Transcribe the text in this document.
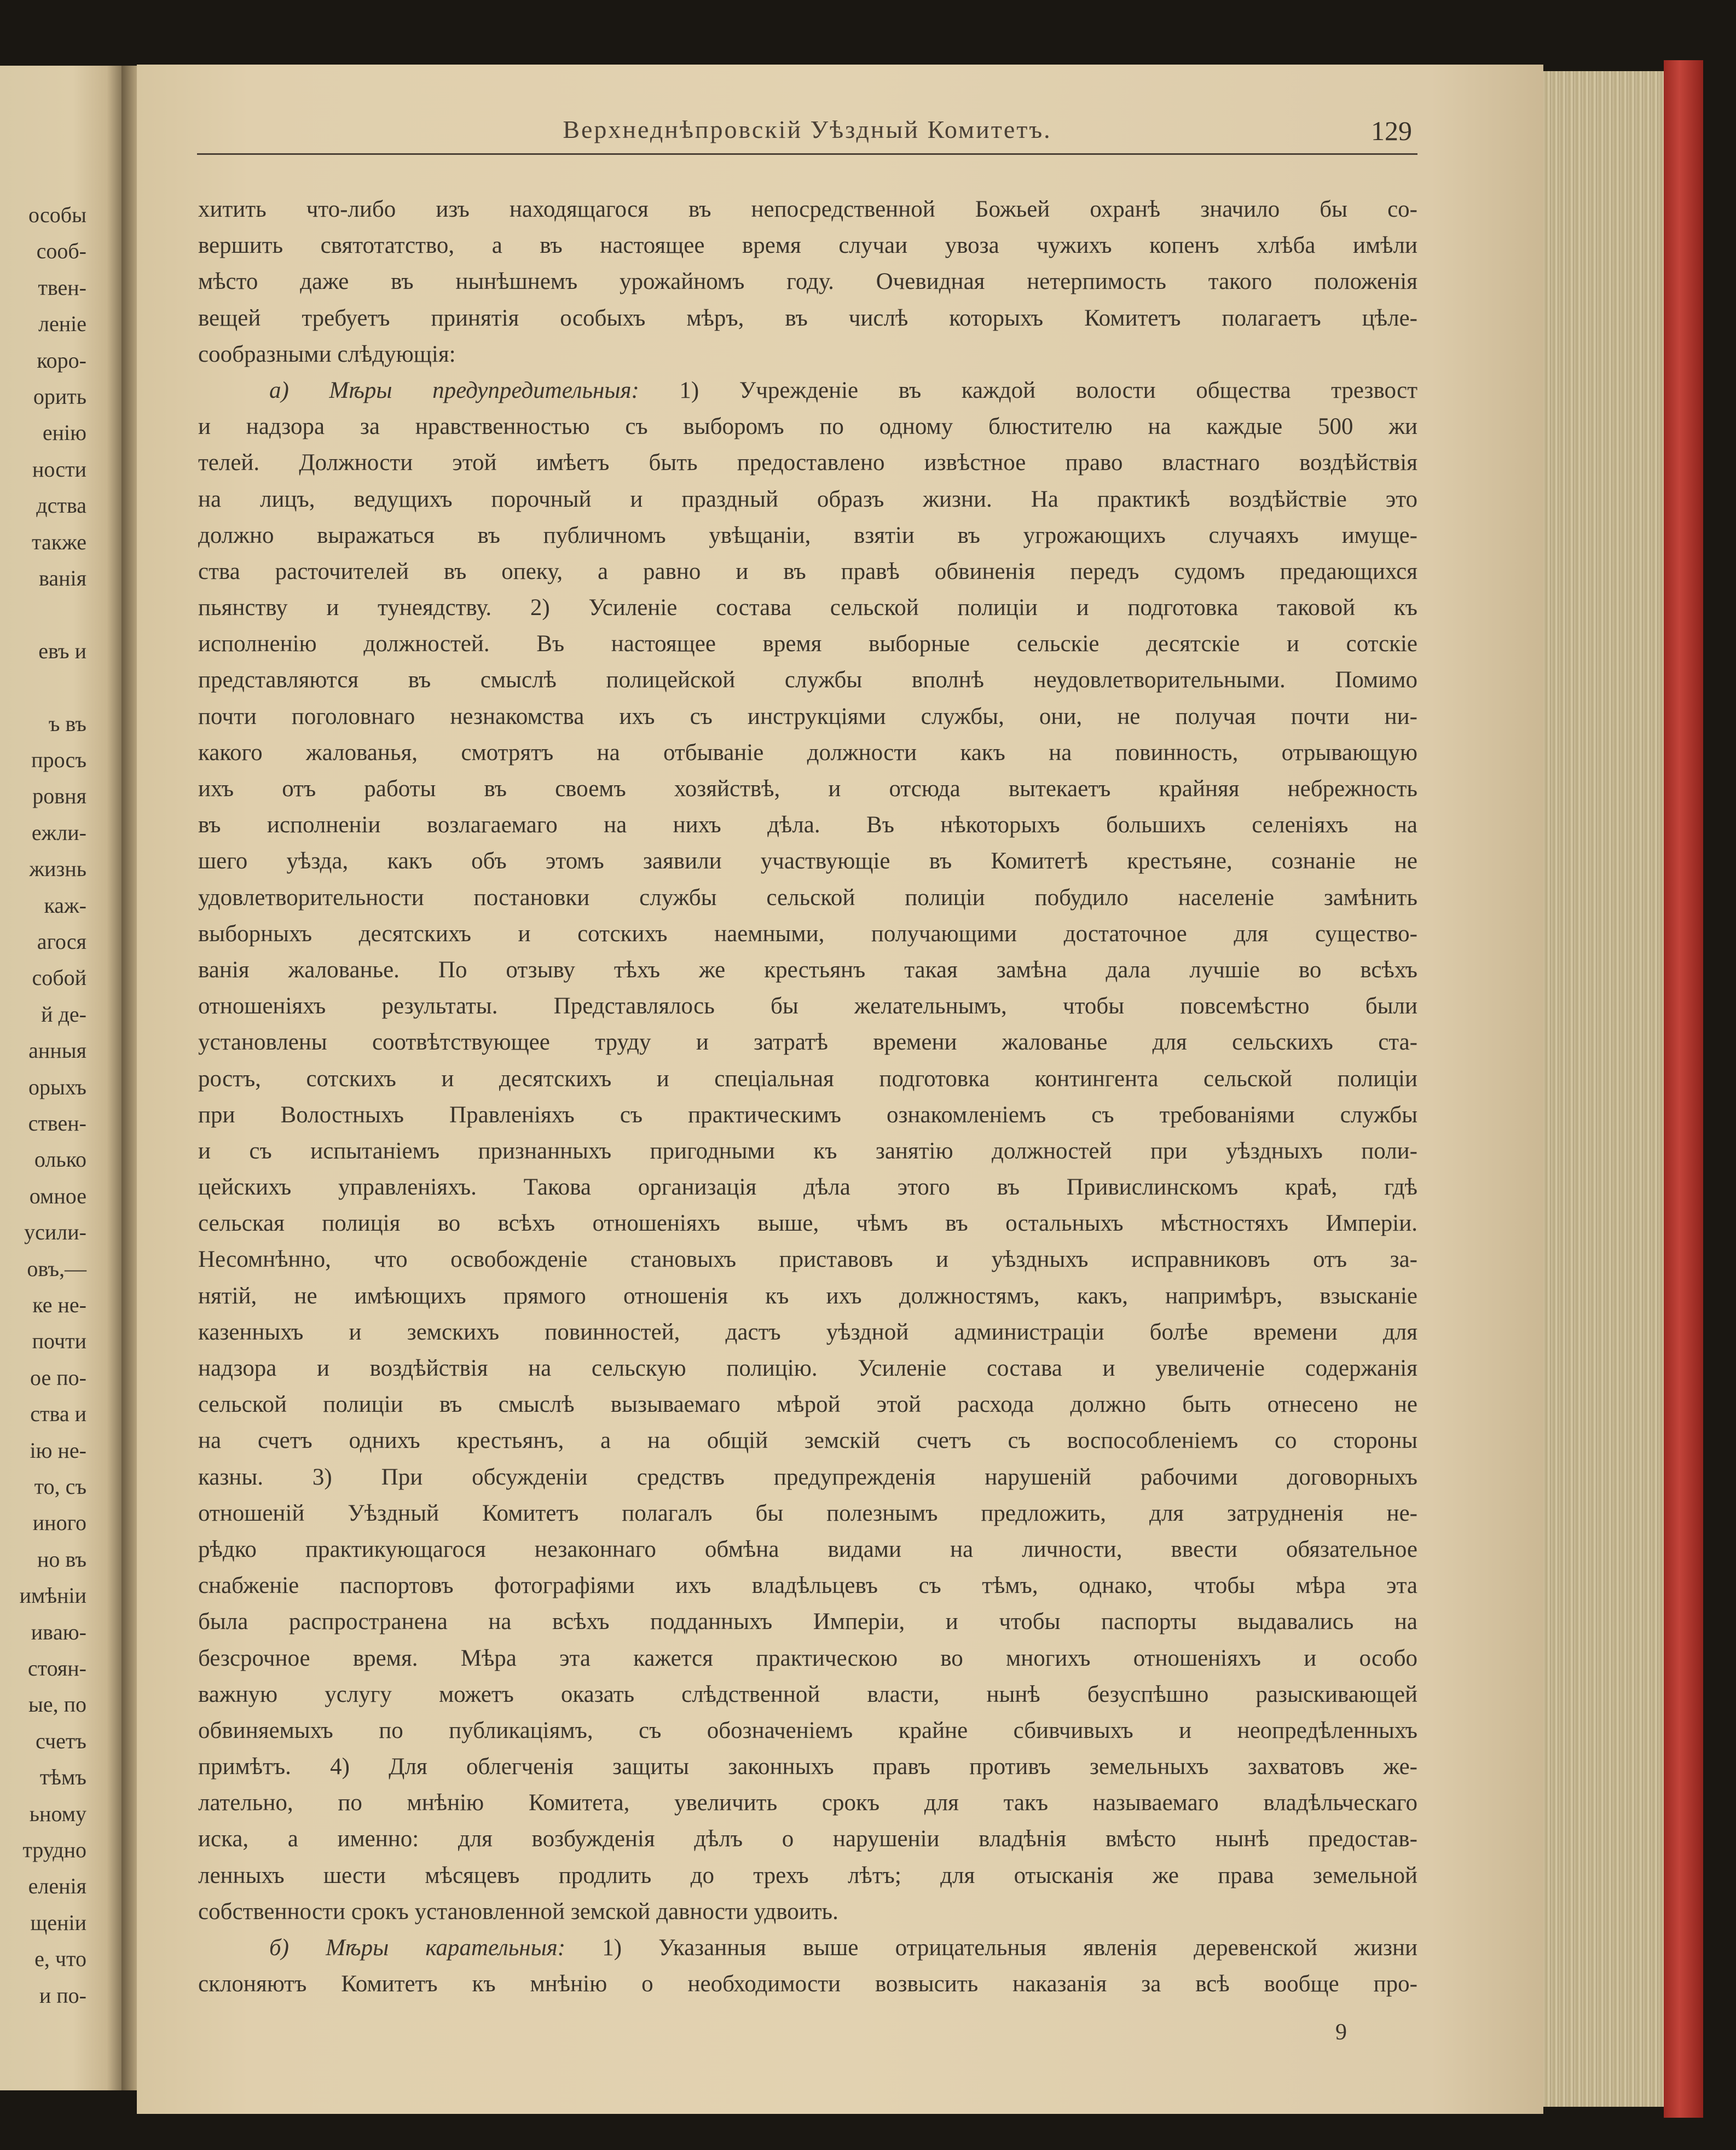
особы
сооб-
твен-
леніе
коро-
орить
енію
ности
дства
также
ванія
евъ и
ъ въ
просъ
ровня
ежли-
жизнь
каж-
агося
собой
й де-
анныя
орыхъ
ствен-
олько
омное
усили-
овъ,—
ке не-
почти
ое по-
ства и
ію не-
то, съ
иного
но въ
имѣніи
ивaю-
стоян-
ые, по
счетъ
тѣмъ
ьному
трудно
еленія
щеніи
е, что
и по-
Верхнеднѣпровскій Уѣздный Комитетъ.	129
хитить что-либо изъ находящагося въ непосредственной Божьей охранѣ значило бы со-
вершить святотатство, а въ настоящее время случаи увоза чужихъ копенъ хлѣба имѣли
мѣсто даже въ нынѣшнемъ урожайномъ году. Очевидная нетерпимость такого положенія
вещей требуетъ принятія особыхъ мѣръ, въ числѣ которыхъ Комитетъ полагаетъ цѣле-
сообразными слѣдующія:
а) Мѣры предупредительныя: 1) Учрежденіе въ каждой волости общества трезвост
и надзора за нравственностью съ выборомъ по одному блюстителю на каждые 500 жи
телей. Должности этой имѣетъ быть предоставлено извѣстное право властнаго воздѣйствія
на лицъ, ведущихъ порочный и праздный образъ жизни. На практикѣ воздѣйствіе это
должно выражаться въ публичномъ увѣщаніи, взятіи въ угрожающихъ случаяхъ имуще-
ства расточителей въ опеку, а равно и въ правѣ обвиненія передъ судомъ предающихся
пьянству и тунеядству. 2) Усиленіе состава сельской полиціи и подготовка таковой къ
исполненію должностей. Въ настоящее время выборные сельскіе десятскіе и сотскіе
представляются въ смыслѣ полицейской службы вполнѣ неудовлетворительными. Помимо
почти поголовнаго незнакомства ихъ съ инструкціями службы, они, не получая почти ни-
какого жалованья, смотрятъ на отбываніе должности какъ на повинность, отрывающую
ихъ отъ работы въ своемъ хозяйствѣ, и отсюда вытекаетъ крайняя небрежность
въ исполненіи возлагаемаго на нихъ дѣла. Въ нѣкоторыхъ большихъ селеніяхъ на
шего уѣзда, какъ объ этомъ заявили участвующіе въ Комитетѣ крестьяне, сознаніе не
удовлетворительности постановки службы сельской полиціи побудило населеніе замѣнить
выборныхъ десятскихъ и сотскихъ наемными, получающими достаточное для существо-
ванія жалованье. По отзыву тѣхъ же крестьянъ такая замѣна дала лучшіе во всѣхъ
отношеніяхъ результаты. Представлялось бы желательнымъ, чтобы повсемѣстно были
установлены соотвѣтствующее труду и затратѣ времени жалованье для сельскихъ ста-
ростъ, сотскихъ и десятскихъ и спеціальная подготовка контингента сельской полиціи
при Волостныхъ Правленіяхъ съ практическимъ ознакомленіемъ съ требованіями службы
и съ испытаніемъ признанныхъ пригодными къ занятію должностей при уѣздныхъ поли-
цейскихъ управленіяхъ. Такова организація дѣла этого въ Привислинскомъ краѣ, гдѣ
сельская полиція во всѣхъ отношеніяхъ выше, чѣмъ въ остальныхъ мѣстностяхъ Имперіи.
Несомнѣнно, что освобожденіе становыхъ приставовъ и уѣздныхъ исправниковъ отъ за-
нятій, не имѣющихъ прямого отношенія къ ихъ должностямъ, какъ, напримѣръ, взысканіе
казенныхъ и земскихъ повинностей, дастъ уѣздной администраціи болѣе времени для
надзора и воздѣйствія на сельскую полицію. Усиленіе состава и увеличеніе содержанія
сельской полиціи въ смыслѣ вызываемаго мѣрой этой расхода должно быть отнесено не
на счетъ однихъ крестьянъ, а на общій земскій счетъ съ воспособленіемъ со стороны
казны. 3) При обсужденіи средствъ предупрежденія нарушеній рабочими договорныхъ
отношеній Уѣздный Комитетъ полагалъ бы полезнымъ предложить, для затрудненія не-
рѣдко практикующагося незаконнаго обмѣна видами на личности, ввести обязательное
снабженіе паспортовъ фотографіями ихъ владѣльцевъ съ тѣмъ, однако, чтобы мѣра эта
была распространена на всѣхъ подданныхъ Имперіи, и чтобы паспорты выдавались на
безсрочное время. Мѣра эта кажется практическою во многихъ отношеніяхъ и особо
важную услугу можетъ оказать слѣдственной власти, нынѣ безуспѣшно разыскивающей
обвиняемыхъ по публикаціямъ, съ обозначеніемъ крайне сбивчивыхъ и неопредѣленныхъ
примѣтъ. 4) Для облегченія защиты законныхъ правъ противъ земельныхъ захватовъ же-
лательно, по мнѣнію Комитета, увеличить срокъ для такъ называемаго владѣльческаго
иска, а именно: для возбужденія дѣлъ о нарушеніи владѣнія вмѣсто нынѣ предостав-
ленныхъ шести мѣсяцевъ продлить до трехъ лѣтъ; для отысканія же права земельной
собственности срокъ установленной земской давности удвоить.
б) Мѣры карательныя: 1) Указанныя выше отрицательныя явленія деревенской жизни
склоняютъ Комитетъ къ мнѣнію о необходимости возвысить наказанія за всѣ вообще про-
9
